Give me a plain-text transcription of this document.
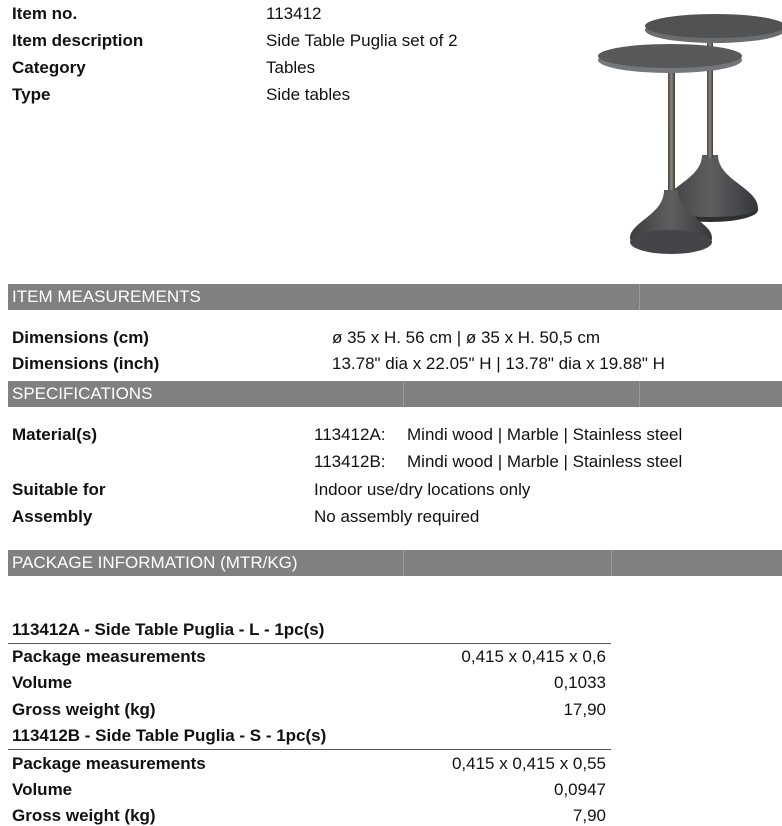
Item no.	113412
Item description	Side Table Puglia set of 2
Category	Tables
Type	Side tables
ITEM MEASUREMENTS
Dimensions (cm)	ø 35 x H. 56 cm | ø 35 x H. 50,5 cm
Dimensions (inch)	13.78" dia x 22.05" H | 13.78" dia x 19.88" H
SPECIFICATIONS
Material(s)	113412A: Mindi wood | Marble | Stainless steel
113412B: Mindi wood | Marble | Stainless steel
Suitable for	Indoor use/dry locations only
Assembly	No assembly required
PACKAGE INFORMATION (MTR/KG)
113412A - Side Table Puglia - L - 1pc(s)
Package measurements	0,415 x 0,415 x 0,6
Volume	0,1033
Gross weight (kg)	17,90
113412B - Side Table Puglia - S - 1pc(s)
Package measurements	0,415 x 0,415 x 0,55
Volume	0,0947
Gross weight (kg)	7,90
